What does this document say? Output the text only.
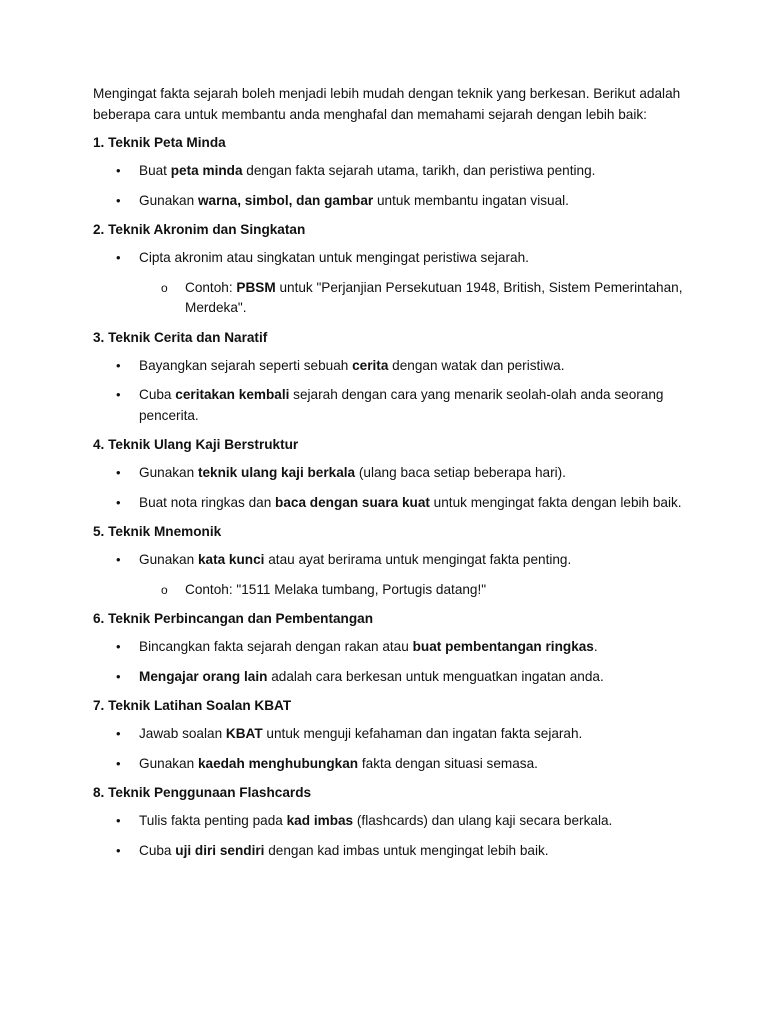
Mengingat fakta sejarah boleh menjadi lebih mudah dengan teknik yang berkesan. Berikut adalah beberapa cara untuk membantu anda menghafal dan memahami sejarah dengan lebih baik:

1. Teknik Peta Minda
• Buat peta minda dengan fakta sejarah utama, tarikh, dan peristiwa penting.
• Gunakan warna, simbol, dan gambar untuk membantu ingatan visual.
2. Teknik Akronim dan Singkatan
• Cipta akronim atau singkatan untuk mengingat peristiwa sejarah.
o Contoh: PBSM untuk "Perjanjian Persekutuan 1948, British, Sistem Pemerintahan, Merdeka".
3. Teknik Cerita dan Naratif
• Bayangkan sejarah seperti sebuah cerita dengan watak dan peristiwa.
• Cuba ceritakan kembali sejarah dengan cara yang menarik seolah-olah anda seorang pencerita.
4. Teknik Ulang Kaji Berstruktur
• Gunakan teknik ulang kaji berkala (ulang baca setiap beberapa hari).
• Buat nota ringkas dan baca dengan suara kuat untuk mengingat fakta dengan lebih baik.
5. Teknik Mnemonik
• Gunakan kata kunci atau ayat berirama untuk mengingat fakta penting.
o Contoh: "1511 Melaka tumbang, Portugis datang!"
6. Teknik Perbincangan dan Pembentangan
• Bincangkan fakta sejarah dengan rakan atau buat pembentangan ringkas.
• Mengajar orang lain adalah cara berkesan untuk menguatkan ingatan anda.
7. Teknik Latihan Soalan KBAT
• Jawab soalan KBAT untuk menguji kefahaman dan ingatan fakta sejarah.
• Gunakan kaedah menghubungkan fakta dengan situasi semasa.
8. Teknik Penggunaan Flashcards
• Tulis fakta penting pada kad imbas (flashcards) dan ulang kaji secara berkala.
• Cuba uji diri sendiri dengan kad imbas untuk mengingat lebih baik.
